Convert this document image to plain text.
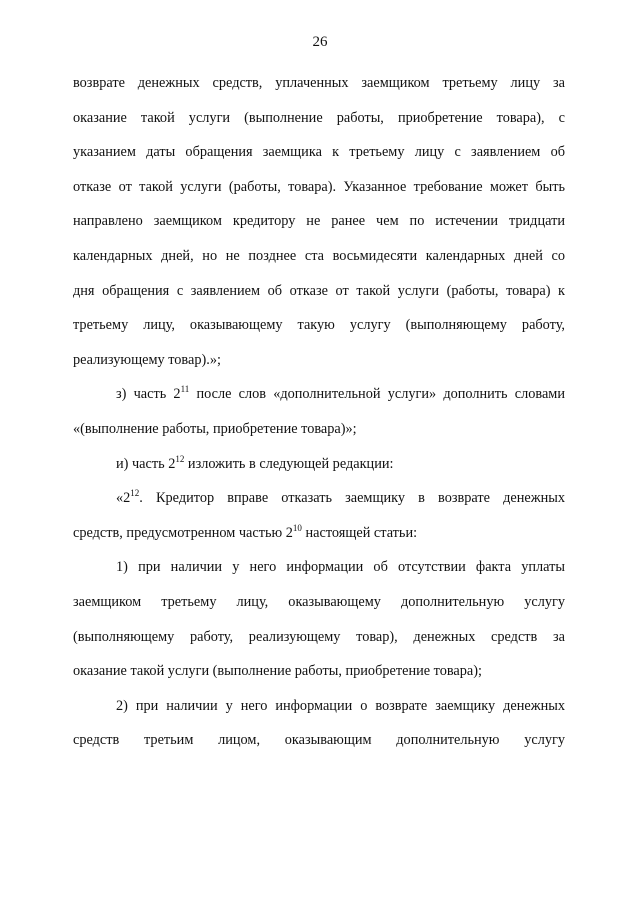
26

возврате денежных средств, уплаченных заемщиком третьему лицу за
оказание такой услуги (выполнение работы, приобретение товара), с
указанием даты обращения заемщика к третьему лицу с заявлением об
отказе от такой услуги (работы, товара). Указанное требование может быть
направлено заемщиком кредитору не ранее чем по истечении тридцати
календарных дней, но не позднее ста восьмидесяти календарных дней со
дня обращения с заявлением об отказе от такой услуги (работы, товара) к
третьему лицу, оказывающему такую услугу (выполняющему работу,
реализующему товар).»;

з) часть $2^{11}$ после слов «дополнительной услуги» дополнить словами
«(выполнение работы, приобретение товара)»;

и) часть $2^{12}$ изложить в следующей редакции:

«$2^{12}$. Кредитор вправе отказать заемщику в возврате денежных
средств, предусмотренном частью $2^{10}$ настоящей статьи:

1) при наличии у него информации об отсутствии факта уплаты
заемщиком третьему лицу, оказывающему дополнительную услугу
(выполняющему работу, реализующему товар), денежных средств за
оказание такой услуги (выполнение работы, приобретение товара);

2) при наличии у него информации о возврате заемщику денежных
средств третьим лицом, оказывающим дополнительную услугу
